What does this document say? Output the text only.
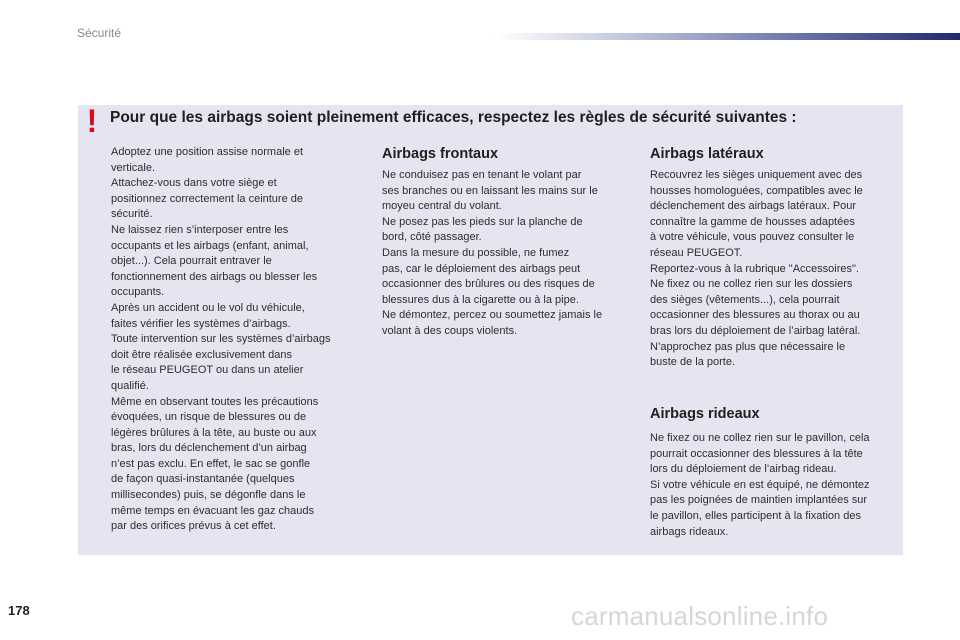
Sécurité
! Pour que les airbags soient pleinement efficaces, respectez les règles de sécurité suivantes :

Adoptez une position assise normale et

verticale.

Attachez-vous dans votre siège et

positionnez correctement la ceinture de

sécurité.

Ne laissez rien s’interposer entre les

occupants et les airbags (enfant, animal,

objet...). Cela pourrait entraver le

fonctionnement des airbags ou blesser les

occupants.

Après un accident ou le vol du véhicule,

faites vérifier les systèmes d’airbags.

Toute intervention sur les systèmes d’airbags

doit être réalisée exclusivement dans

le réseau PEUGEOT ou dans un atelier

qualifié.

Même en observant toutes les précautions

évoquées, un risque de blessures ou de

légères brûlures à la tête, au buste ou aux

bras, lors du déclenchement d’un airbag

n’est pas exclu. En effet, le sac se gonfle

de façon quasi-instantanée (quelques

millisecondes) puis, se dégonfle dans le

même temps en évacuant les gaz chauds

par des orifices prévus à cet effet.

Airbags frontaux

Ne conduisez pas en tenant le volant par

ses branches ou en laissant les mains sur le

moyeu central du volant.

Ne posez pas les pieds sur la planche de

bord, côté passager.

Dans la mesure du possible, ne fumez

pas, car le déploiement des airbags peut

occasionner des brûlures ou des risques de

blessures dus à la cigarette ou à la pipe.

Ne démontez, percez ou soumettez jamais le

volant à des coups violents.

Airbags latéraux

Recouvrez les sièges uniquement avec des

housses homologuées, compatibles avec le

déclenchement des airbags latéraux. Pour

connaître la gamme de housses adaptées

à votre véhicule, vous pouvez consulter le

réseau PEUGEOT.

Reportez-vous à la rubrique "Accessoires".

Ne fixez ou ne collez rien sur les dossiers

des sièges (vêtements...), cela pourrait

occasionner des blessures au thorax ou au

bras lors du déploiement de l’airbag latéral.

N’approchez pas plus que nécessaire le

buste de la porte.

Airbags rideaux

Ne fixez ou ne collez rien sur le pavillon, cela

pourrait occasionner des blessures à la tête

lors du déploiement de l’airbag rideau.

Si votre véhicule en est équipé, ne démontez

pas les poignées de maintien implantées sur

le pavillon, elles participent à la fixation des

airbags rideaux.

178	carmanualsonline.info
